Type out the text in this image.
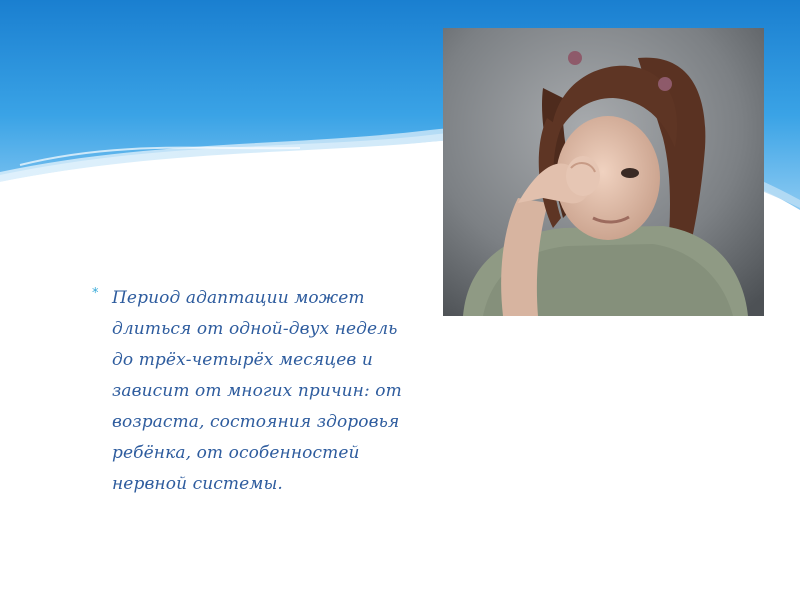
* Период адаптации может
длиться от одной-двух недель
до трёх-четырёх месяцев и
зависит от многих причин: от
возраста, состояния здоровья
ребёнка, от особенностей
нервной системы.
